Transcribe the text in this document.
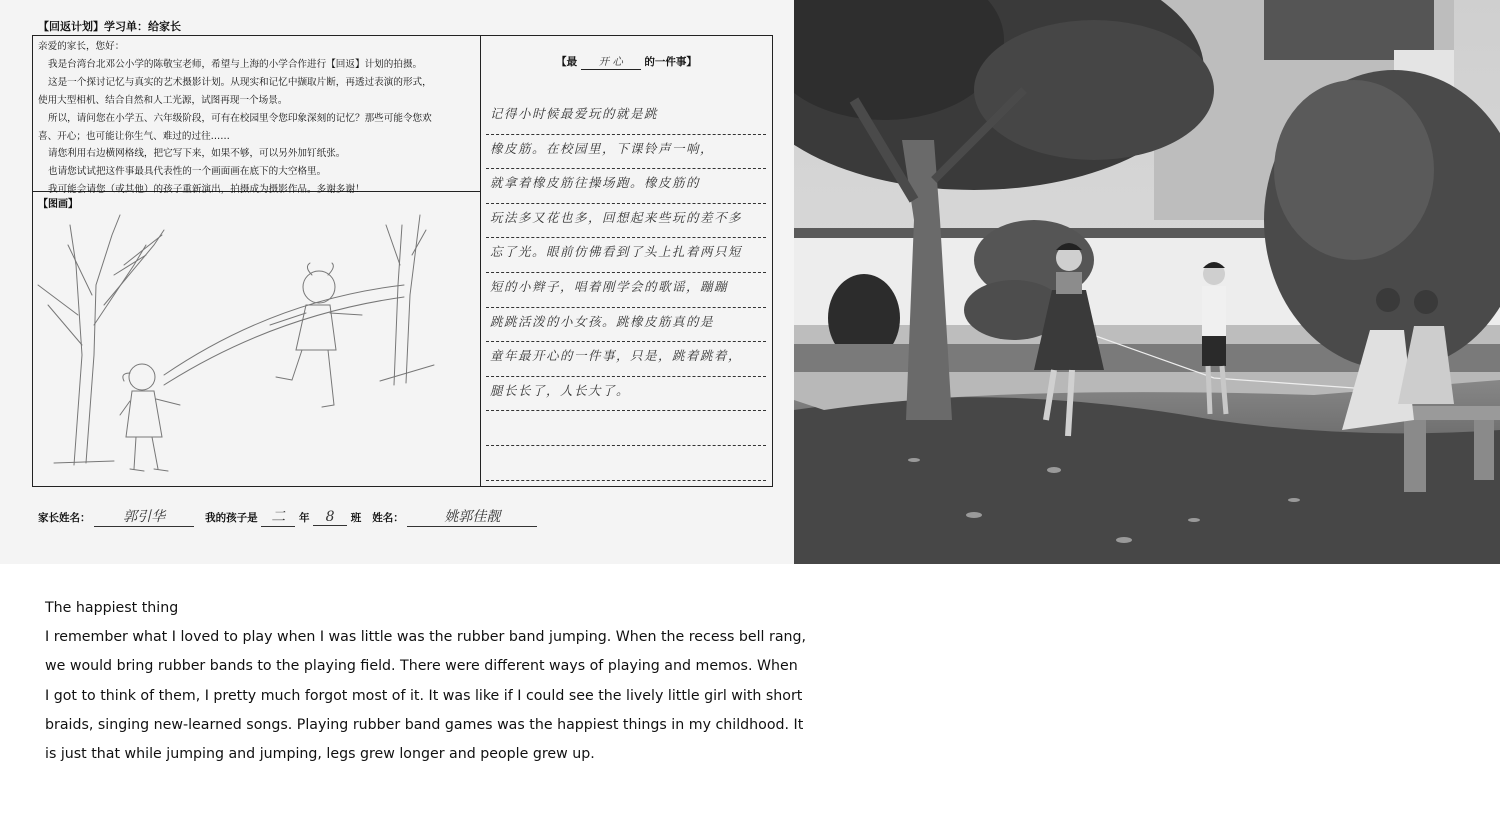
【回返计划】学习单：给家长
亲爱的家长，您好：
我是台湾台北邓公小学的陈敬宝老师，希望与上海的小学合作进行【回返】计划的拍摄。
这是一个探讨记忆与真实的艺术摄影计划。从现实和记忆中撷取片断，再透过表演的形式，
使用大型相机、结合自然和人工光源，试图再现一个场景。
所以，请问您在小学五、六年级阶段，可有在校园里令您印象深刻的记忆？那些可能令您欢
喜、开心；也可能让你生气、难过的过往……
请您利用右边横网格线，把它写下来，如果不够，可以另外加钉纸张。
也请您试试把这件事最具代表性的一个画面画在底下的大空格里。
我可能会请您（或其他）的孩子重新演出，拍摄成为摄影作品。多谢多谢！
【图画】
【最 开 心 的一件事】
记得小时候最爱玩的就是跳
橡皮筋。在校园里，下课铃声一响，
就拿着橡皮筋往操场跑。橡皮筋的
玩法多又花也多，回想起来些玩的差不多
忘了光。眼前仿佛看到了头上扎着两只短
短的小辫子，唱着刚学会的歌谣，蹦蹦
跳跳活泼的小女孩。跳橡皮筋真的是
童年最开心的一件事，只是，跳着跳着，
腿长长了，人长大了。
家长姓名： 郭引华	我的孩子是 二 年 8 班 姓名：	姚郭佳靓
The happiest thing
I remember what I loved to play when I was little was the rubber band jumping. When the recess bell rang,
we would bring rubber bands to the playing field. There were different ways of playing and memos. When
I got to think of them, I pretty much forgot most of it. It was like if I could see the lively little girl with short
braids, singing new-learned songs. Playing rubber band games was the happiest things in my childhood. It
is just that while jumping and jumping, legs grew longer and people grew up.
